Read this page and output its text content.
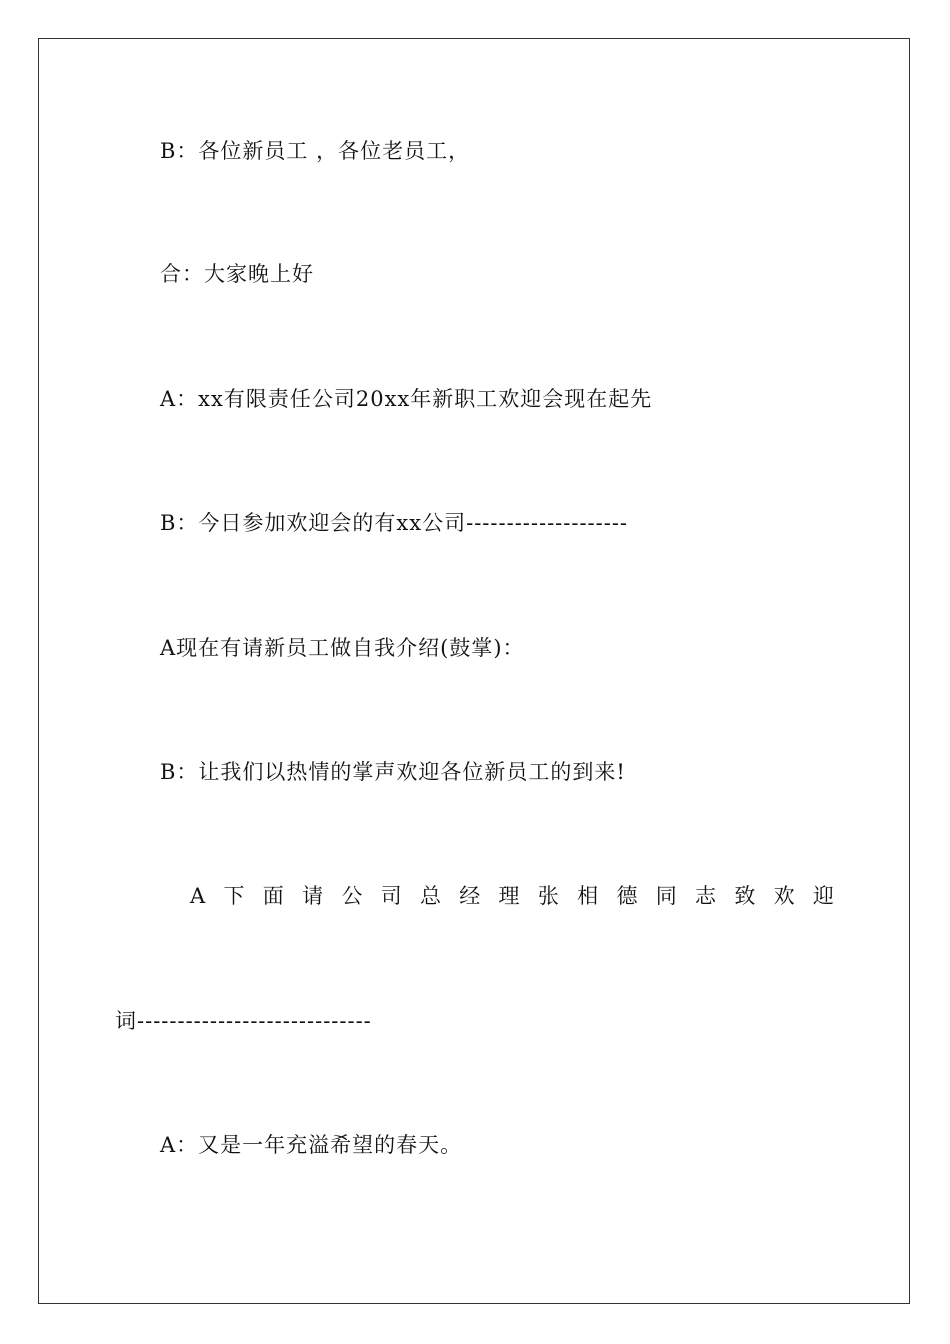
B：各位新员工 ，各位老员工，
合：大家晚上好
A：xx有限责任公司20xx年新职工欢迎会现在起先
B：今日参加欢迎会的有xx公司--------------------
A现在有请新员工做自我介绍(鼓掌)：
B：让我们以热情的掌声欢迎各位新员工的到来!
A 下 面 请 公 司 总 经 理 张 相 德 同 志 致 欢 迎
词-----------------------------
A：又是一年充溢希望的春天。
